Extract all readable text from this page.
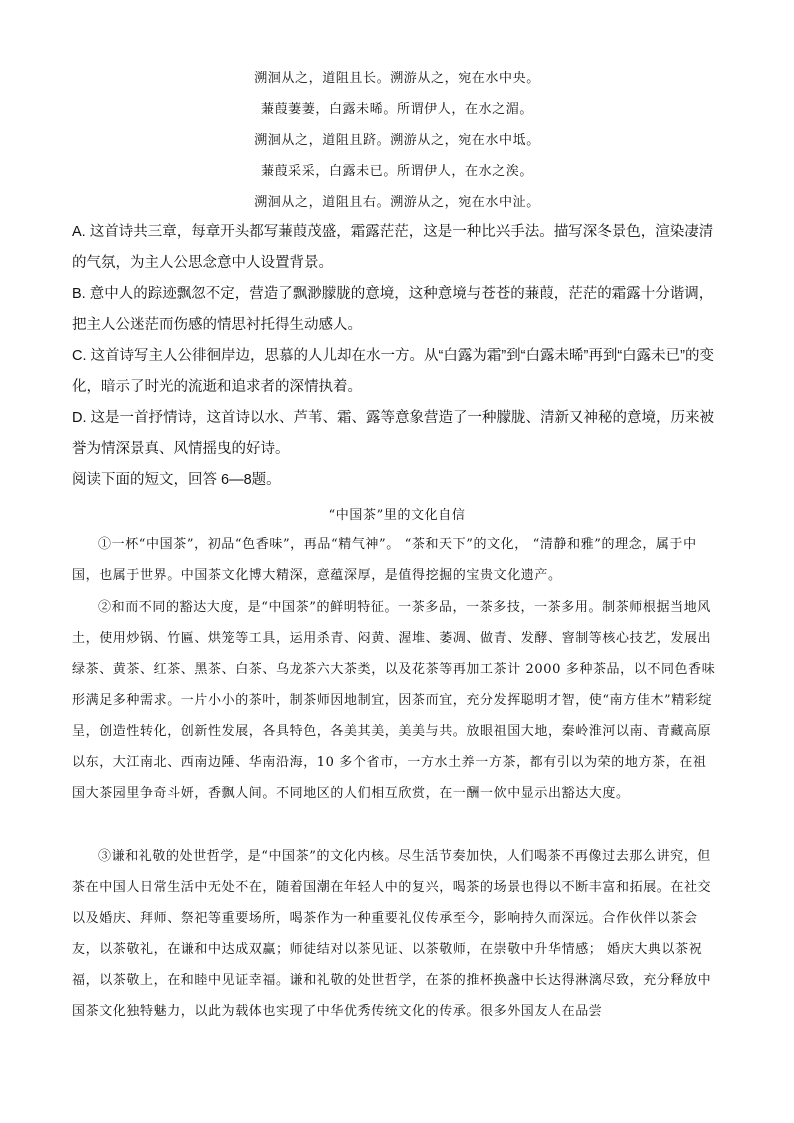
溯洄从之，道阻且长。溯游从之，宛在水中央。
蒹葭萋萋，白露未晞。所谓伊人，在水之湄。
溯洄从之，道阻且跻。溯游从之，宛在水中坻。
蒹葭采采，白露未已。所谓伊人，在水之涘。
溯洄从之，道阻且右。溯游从之，宛在水中沚。
A. 这首诗共三章，每章开头都写蒹葭茂盛，霜露茫茫，这是一种比兴手法。描写深冬景色，渲染凄清的气氛，为主人公思念意中人设置背景。
B. 意中人的踪迹飘忽不定，营造了飘渺朦胧的意境，这种意境与苍苍的蒹葭，茫茫的霜露十分谐调，把主人公迷茫而伤感的情思衬托得生动感人。
C. 这首诗写主人公徘徊岸边，思慕的人儿却在水一方。从“白露为霜”到“白露未晞”再到“白露未已”的变化，暗示了时光的流逝和追求者的深情执着。
D. 这是一首抒情诗，这首诗以水、芦苇、霜、露等意象营造了一种朦胧、清新又神秘的意境，历来被誉为情深景真、风情摇曳的好诗。
阅读下面的短文，回答 6—8题。
“中国茶”里的文化自信
①一杯“中国茶”，初品“色香味”，再品“精气神”。 “茶和天下”的文化， “清静和雅”的理念，属于中国，也属于世界。中国茶文化博大精深，意蕴深厚，是值得挖掘的宝贵文化遗产。
②和而不同的豁达大度，是“中国茶”的鲜明特征。一茶多品，一茶多技，一茶多用。制茶师根据当地风土，使用炒锅、竹匾、烘笼等工具，运用杀青、闷黄、渥堆、萎凋、做青、发酵、窨制等核心技艺，发展出绿茶、黄茶、红茶、黑茶、白茶、乌龙茶六大茶类，以及花茶等再加工茶计 2000 多种茶品，以不同色香味形满足多种需求。一片小小的茶叶，制茶师因地制宜，因茶而宜，充分发挥聪明才智，使“南方佳木”精彩绽呈，创造性转化，创新性发展，各具特色，各美其美，美美与共。放眼祖国大地，秦岭淮河以南、青藏高原以东，大江南北、西南边陲、华南沿海，10 多个省市，一方水土养一方茶，都有引以为荣的地方茶，在祖国大茶园里争奇斗妍，香飘人间。不同地区的人们相互欣赏，在一酬一佽中显示出豁达大度。
③谦和礼敬的处世哲学，是“中国茶”的文化内核。尽生活节奏加快，人们喝茶不再像过去那么讲究，但茶在中国人日常生活中无处不在，随着国潮在年轻人中的复兴，喝茶的场景也得以不断丰富和拓展。在社交以及婚庆、拜师、祭祀等重要场所，喝茶作为一种重要礼仪传承至今，影响持久而深远。合作伙伴以茶会友，以茶敬礼，在谦和中达成双赢；师徒结对以茶见证、以茶敬师，在崇敬中升华情感； 婚庆大典以茶祝福，以茶敬上，在和睦中见证幸福。谦和礼敬的处世哲学，在茶的推杯换盏中长达得淋漓尽致，充分释放中国茶文化独特魅力，以此为载体也实现了中华优秀传统文化的传承。很多外国友人在品尝
